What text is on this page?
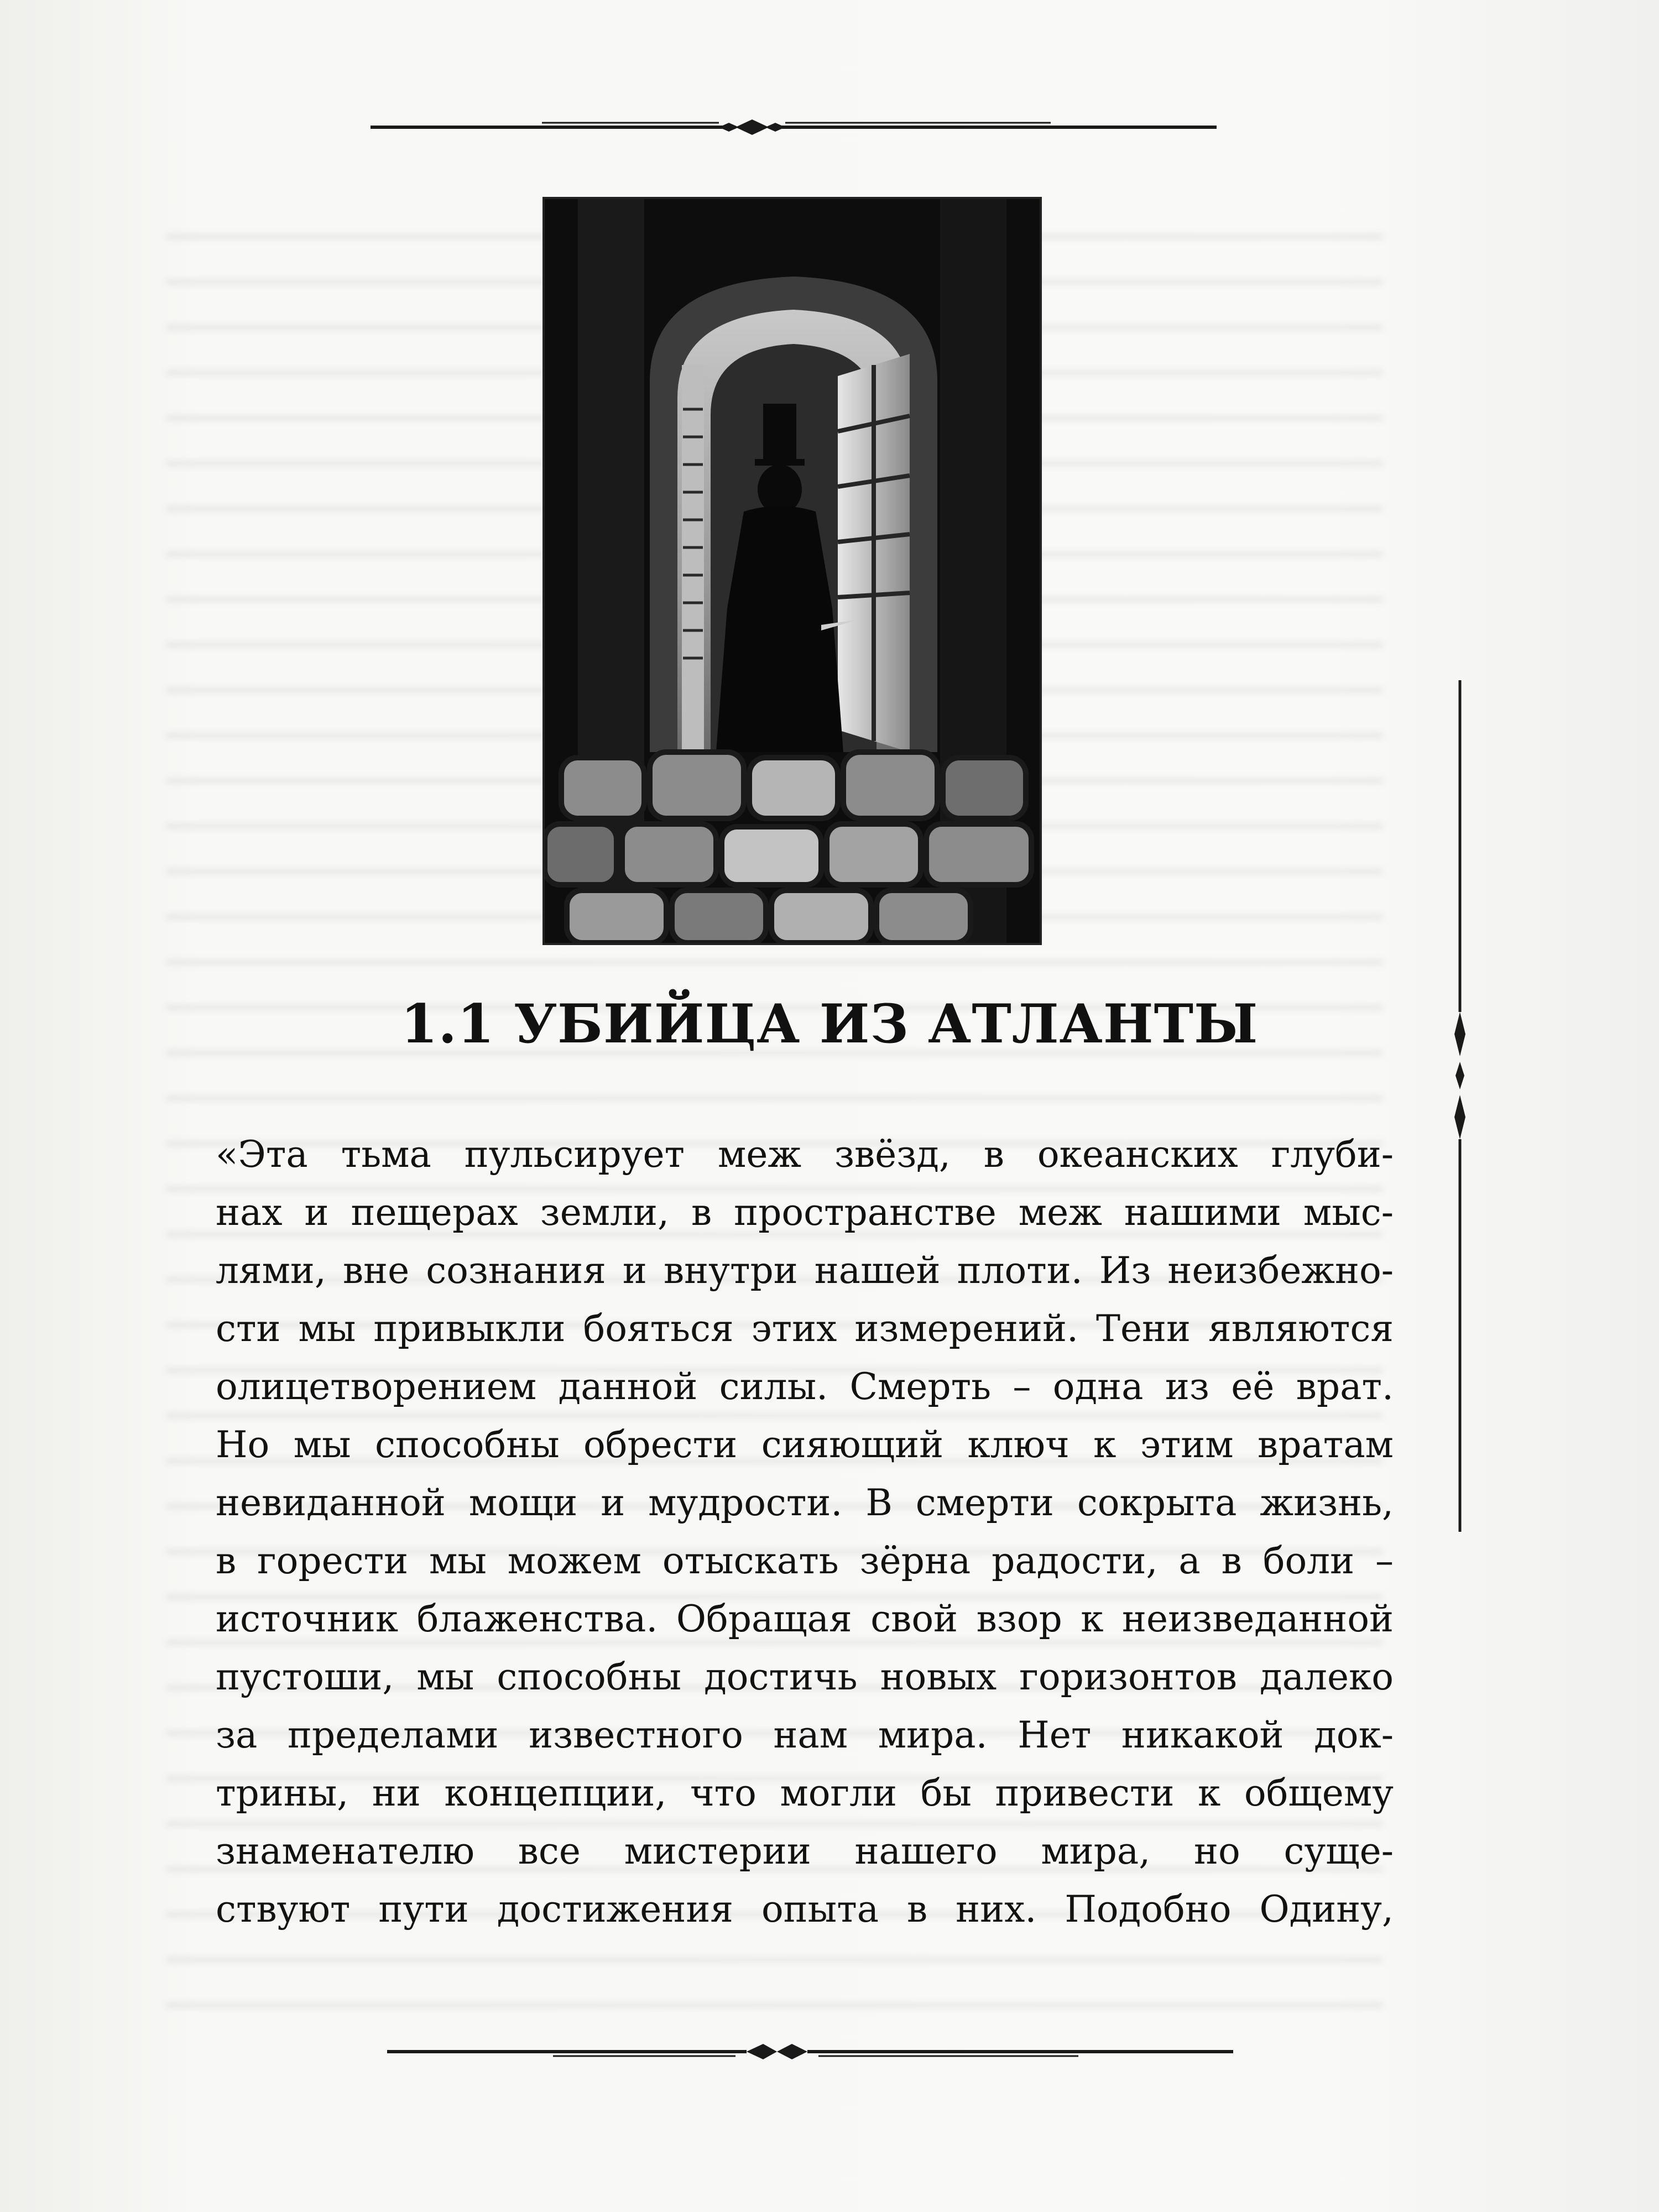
1.1 УБИЙЦА ИЗ АТЛАНТЫ
«Эта тьма пульсирует меж звёзд, в океанских глуби-
нах и пещерах земли, в пространстве меж нашими мыс-
лями, вне сознания и внутри нашей плоти. Из неизбежно-
сти мы привыкли бояться этих измерений. Тени являются
олицетворением данной силы. Смерть – одна из её врат.
Но мы способны обрести сияющий ключ к этим вратам
невиданной мощи и мудрости. В смерти сокрыта жизнь,
в горести мы можем отыскать зёрна радости, а в боли –
источник блаженства. Обращая свой взор к неизведанной
пустоши, мы способны достичь новых горизонтов далеко
за пределами известного нам мира. Нет никакой док-
трины, ни концепции, что могли бы привести к общему
знаменателю все мистерии нашего мира, но суще-
ствуют пути достижения опыта в них. Подобно Одину,
